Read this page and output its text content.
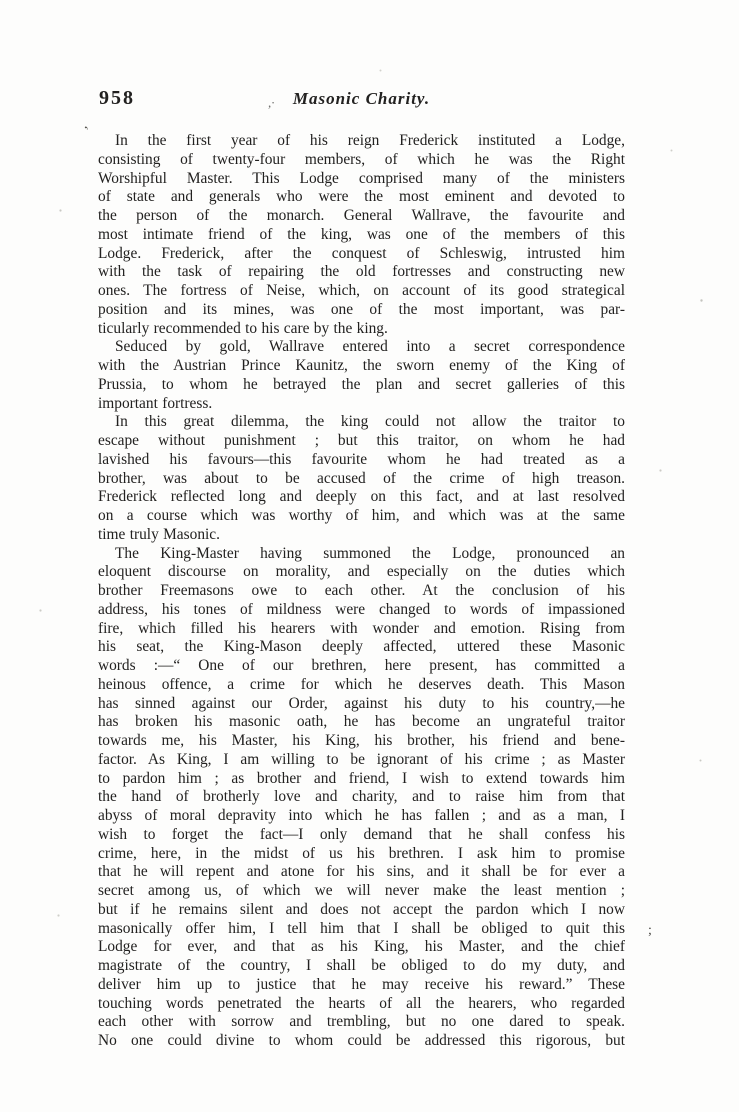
958	,·	Masonic Charity.
,
In the first year of his reign Frederick instituted a Lodge,
consisting of twenty-four members, of which he was the Right
Worshipful Master. This Lodge comprised many of the ministers
of state and generals who were the most eminent and devoted to
the person of the monarch. General Wallrave, the favourite and
most intimate friend of the king, was one of the members of this
Lodge. Frederick, after the conquest of Schleswig, intrusted him
with the task of repairing the old fortresses and constructing new
ones. The fortress of Neise, which, on account of its good strategical
position and its mines, was one of the most important, was par-
ticularly recommended to his care by the king.
Seduced by gold, Wallrave entered into a secret correspondence
with the Austrian Prince Kaunitz, the sworn enemy of the King of
Prussia, to whom he betrayed the plan and secret galleries of this
important fortress.
In this great dilemma, the king could not allow the traitor to
escape without punishment ; but this traitor, on whom he had
lavished his favours—this favourite whom he had treated as a
brother, was about to be accused of the crime of high treason.
Frederick reflected long and deeply on this fact, and at last resolved
on a course which was worthy of him, and which was at the same
time truly Masonic.
The King-Master having summoned the Lodge, pronounced an
eloquent discourse on morality, and especially on the duties which
brother Freemasons owe to each other. At the conclusion of his
address, his tones of mildness were changed to words of impassioned
fire, which filled his hearers with wonder and emotion. Rising from
his seat, the King-Mason deeply affected, uttered these Masonic
words :—“ One of our brethren, here present, has committed a
heinous offence, a crime for which he deserves death. This Mason
has sinned against our Order, against his duty to his country,—he
has broken his masonic oath, he has become an ungrateful traitor
towards me, his Master, his King, his brother, his friend and bene-
factor. As King, I am willing to be ignorant of his crime ; as Master
to pardon him ; as brother and friend, I wish to extend towards him
the hand of brotherly love and charity, and to raise him from that
abyss of moral depravity into which he has fallen ; and as a man, I
wish to forget the fact—I only demand that he shall confess his
crime, here, in the midst of us his brethren. I ask him to promise
that he will repent and atone for his sins, and it shall be for ever a
secret among us, of which we will never make the least mention ;
but if he remains silent and does not accept the pardon which I now
masonically offer him, I tell him that I shall be obliged to quit this
Lodge for ever, and that as his King, his Master, and the chief
magistrate of the country, I shall be obliged to do my duty, and
deliver him up to justice that he may receive his reward.” These
touching words penetrated the hearts of all the hearers, who regarded
each other with sorrow and trembling, but no one dared to speak.
No one could divine to whom could be addressed this rigorous, but
;
